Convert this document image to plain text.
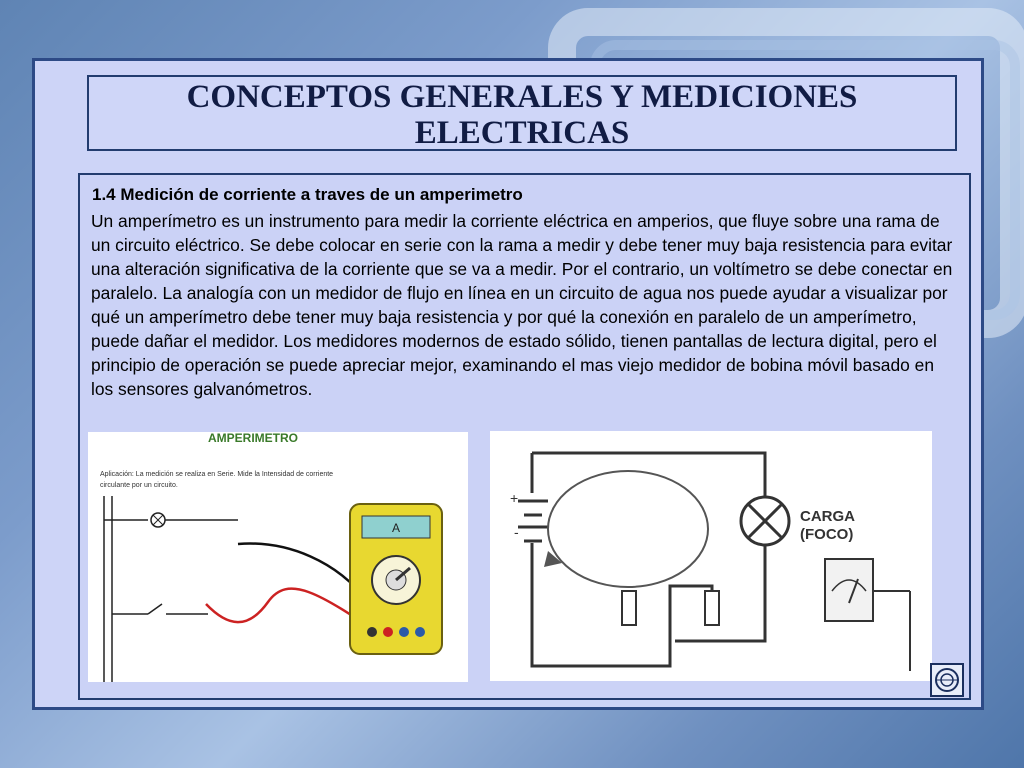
CONCEPTOS GENERALES Y MEDICIONES
ELECTRICAS
1.4 Medición de corriente a traves de un amperimetro

Un amperímetro es un instrumento para medir la corriente eléctrica en amperios, que fluye sobre una rama de un circuito eléctrico. Se debe colocar en serie con la rama a medir y debe tener muy baja resistencia para evitar una alteración significativa de la corriente que se va a medir. Por el contrario, un voltímetro se debe conectar en paralelo. La analogía con un medidor de flujo en línea en un circuito de agua nos puede ayudar a visualizar por qué un amperímetro debe tener muy baja resistencia y por qué la conexión en paralelo de un amperímetro, puede dañar el medidor. Los medidores modernos de estado sólido, tienen pantallas de lectura digital, pero el principio de operación se puede apreciar mejor, examinando el mas viejo medidor de bobina móvil basado en los sensores galvanómetros.

AMPERIMETRO
Aplicación: La medición se realiza en Serie. Mide la Intensidad de corriente
circulante por un circuito.
A
+
-
CARGA
(FOCO)
